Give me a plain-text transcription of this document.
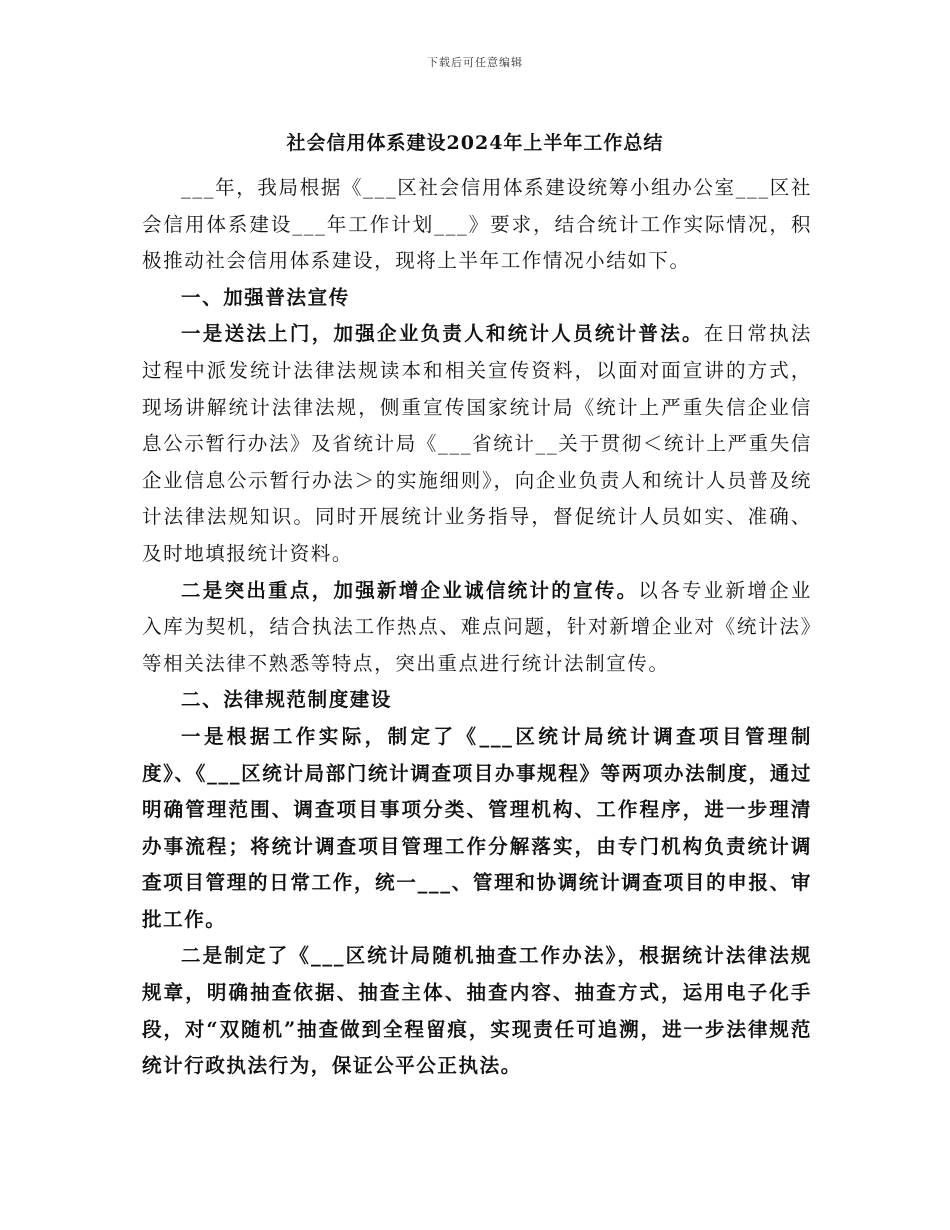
下载后可任意编辑
社会信用体系建设2024年上半年工作总结

___年，我局根据《___区社会信用体系建设统筹小组办公室___区社会信用体系建设___年工作计划___》要求，结合统计工作实际情况，积极推动社会信用体系建设，现将上半年工作情况小结如下。

一、加强普法宣传

一是送法上门，加强企业负责人和统计人员统计普法。在日常执法过程中派发统计法律法规读本和相关宣传资料，以面对面宣讲的方式，现场讲解统计法律法规，侧重宣传国家统计局《统计上严重失信企业信息公示暂行办法》及省统计局《___省统计__关于贯彻＜统计上严重失信企业信息公示暂行办法＞的实施细则》，向企业负责人和统计人员普及统计法律法规知识。同时开展统计业务指导，督促统计人员如实、准确、及时地填报统计资料。

二是突出重点，加强新增企业诚信统计的宣传。以各专业新增企业入库为契机，结合执法工作热点、难点问题，针对新增企业对《统计法》等相关法律不熟悉等特点，突出重点进行统计法制宣传。

二、法律规范制度建设

一是根据工作实际，制定了《___区统计局统计调查项目管理制度》、《___区统计局部门统计调查项目办事规程》等两项办法制度，通过明确管理范围、调查项目事项分类、管理机构、工作程序，进一步理清办事流程；将统计调查项目管理工作分解落实，由专门机构负责统计调查项目管理的日常工作，统一___、管理和协调统计调查项目的申报、审批工作。

二是制定了《___区统计局随机抽查工作办法》，根据统计法律法规规章，明确抽查依据、抽查主体、抽查内容、抽查方式，运用电子化手段，对“双随机”抽查做到全程留痕，实现责任可追溯，进一步法律规范统计行政执法行为，保证公平公正执法。
